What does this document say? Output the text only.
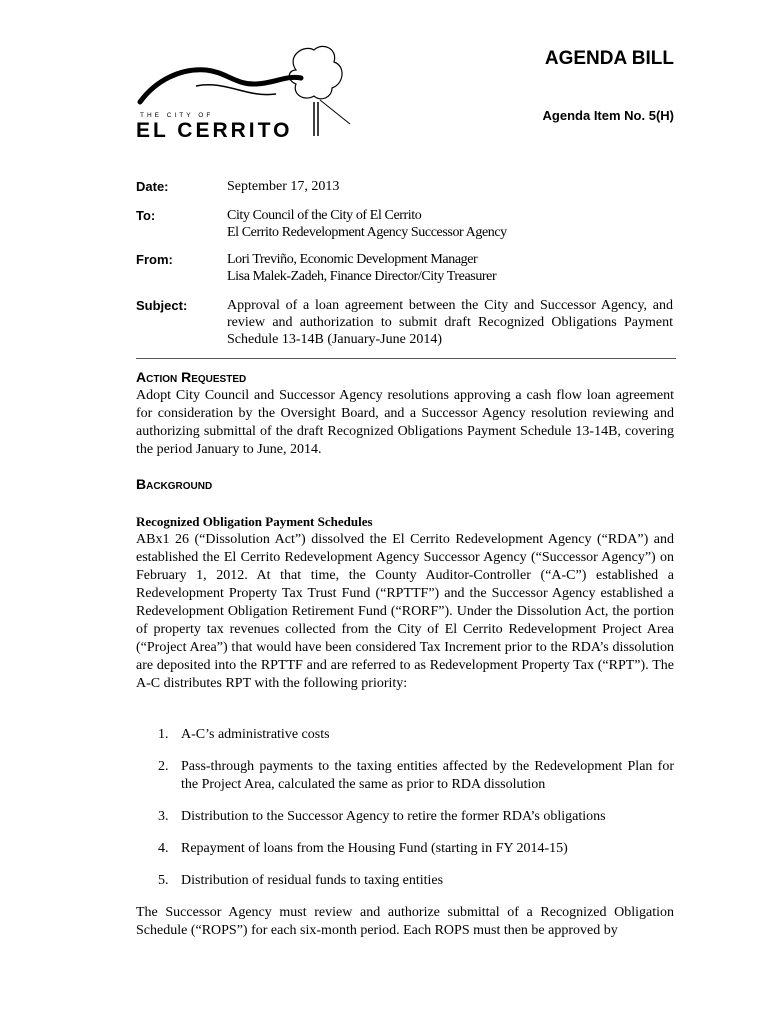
THE CITY OF
EL CERRITO
AGENDA BILL
Agenda Item No. 5(H)
Date:	September 17, 2013
To:	City Council of the City of El Cerrito
El Cerrito Redevelopment Agency Successor Agency
From:	Lori Treviño, Economic Development Manager
Lisa Malek-Zadeh, Finance Director/City Treasurer
Subject:	Approval of a loan agreement between the City and Successor Agency, and review and authorization to submit draft Recognized Obligations Payment Schedule 13-14B (January-June 2014)
Action Requested

Adopt City Council and Successor Agency resolutions approving a cash flow loan agreement for consideration by the Oversight Board, and a Successor Agency resolution reviewing and authorizing submittal of the draft Recognized Obligations Payment Schedule 13-14B, covering the period January to June, 2014.

Background
Recognized Obligation Payment Schedules

ABx1 26 (“Dissolution Act”) dissolved the El Cerrito Redevelopment Agency (“RDA”) and established the El Cerrito Redevelopment Agency Successor Agency (“Successor Agency”) on February 1, 2012. At that time, the County Auditor-Controller (“A-C”) established a Redevelopment Property Tax Trust Fund (“RPTTF”) and the Successor Agency established a Redevelopment Obligation Retirement Fund (“RORF”). Under the Dissolution Act, the portion of property tax revenues collected from the City of El Cerrito Redevelopment Project Area (“Project Area”) that would have been considered Tax Increment prior to the RDA’s dissolution are deposited into the RPTTF and are referred to as Redevelopment Property Tax (“RPT”). The A-C distributes RPT with the following priority:

1. A-C’s administrative costs
2. Pass-through payments to the taxing entities affected by the Redevelopment Plan for the Project Area, calculated the same as prior to RDA dissolution
3. Distribution to the Successor Agency to retire the former RDA’s obligations
4. Repayment of loans from the Housing Fund (starting in FY 2014-15)
5. Distribution of residual funds to taxing entities

The Successor Agency must review and authorize submittal of a Recognized Obligation Schedule (“ROPS”) for each six-month period. Each ROPS must then be approved by
